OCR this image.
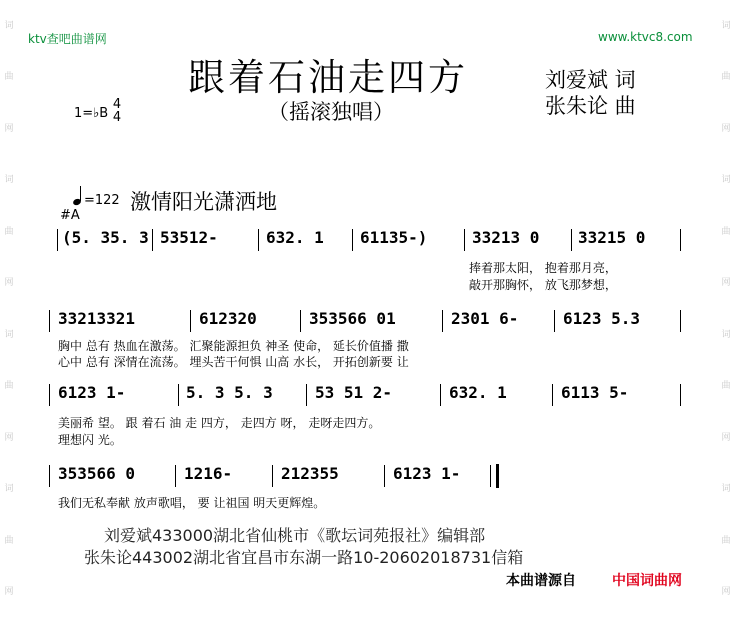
词
曲
网
词
曲
网
词
曲
网
词
曲
网
词
曲
网
词
曲
网
词
曲
网
词
曲
网
ktv查吧曲谱网	www.ktvc8.com
跟着石油走四方
（摇滚独唱）
刘爱斌 词
张朱论 曲
1=♭B
4
4
=122 激情阳光潇洒地
#A
(5. 35. 3 53512-	632. 1 61135-)	33213 0 33215 0
捧着那太阳， 抱着那月亮，
敲开那胸怀， 放飞那梦想，
33213321	612320	353566 01	2301 6-	6123 5.3
胸中 总有 热血在激荡。 汇聚能源担负 神圣 使命， 延长价值播 撒
心中 总有 深情在流荡。 埋头苦干何惧 山高 水长， 开拓创新要 让
6123 1-	5. 3 5. 3	53 51 2-	632. 1	6113 5-
美丽希 望。 跟 着石 油 走 四方， 走四方 呀， 走呀走四方。
理想闪 光。
353566 0	1216-	212355	6123 1-
我们无私奉献 放声歌唱， 要 让祖国 明天更辉煌。
刘爱斌433000湖北省仙桃市《歌坛词苑报社》编辑部
张朱论443002湖北省宜昌市东湖一路10-20602018731信箱
本曲谱源自	中国词曲网
